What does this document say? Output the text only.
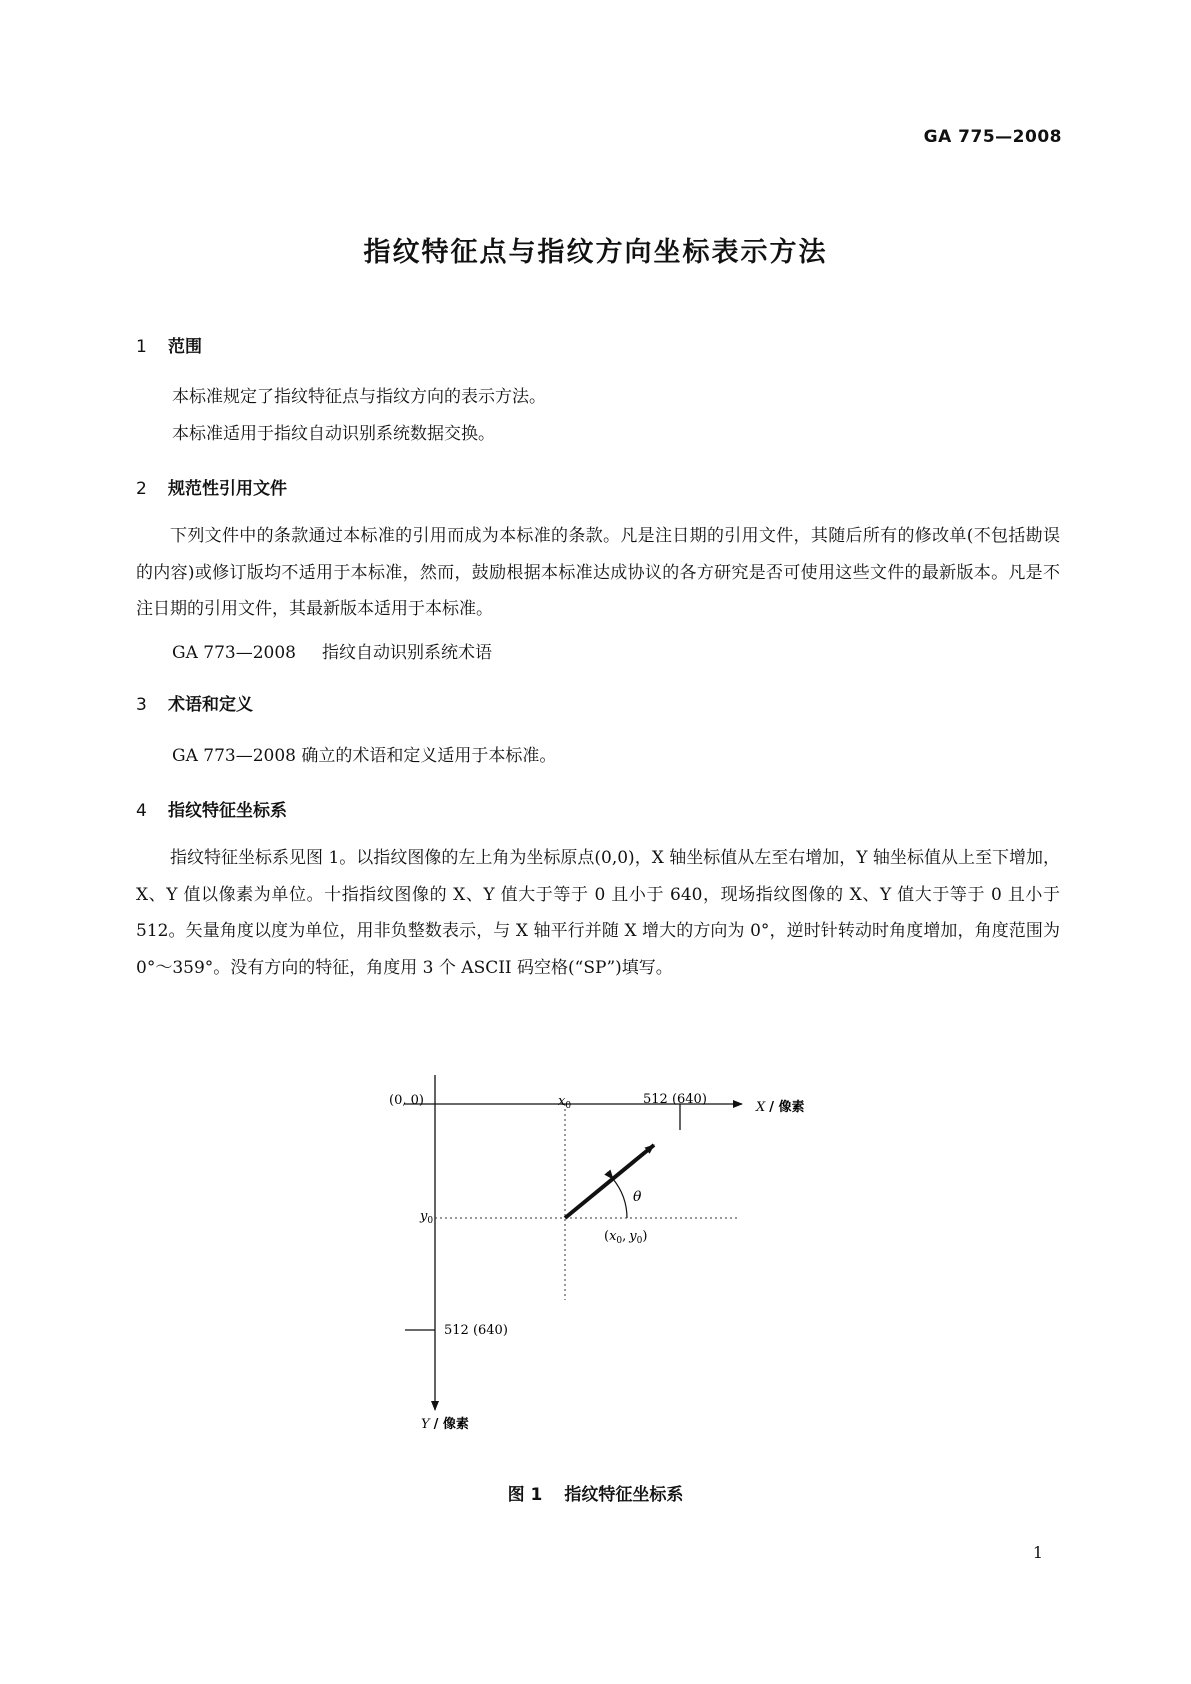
GA 775—2008
指纹特征点与指纹方向坐标表示方法
1 范围
本标准规定了指纹特征点与指纹方向的表示方法。
本标准适用于指纹自动识别系统数据交换。
2 规范性引用文件
下列文件中的条款通过本标准的引用而成为本标准的条款。凡是注日期的引用文件，其随后所有的修改单(不包括勘误的内容)或修订版均不适用于本标准，然而，鼓励根据本标准达成协议的各方研究是否可使用这些文件的最新版本。凡是不注日期的引用文件，其最新版本适用于本标准。
GA 773—2008 指纹自动识别系统术语
3 术语和定义
GA 773—2008 确立的术语和定义适用于本标准。
4 指纹特征坐标系
指纹特征坐标系见图 1。以指纹图像的左上角为坐标原点(0,0)，X 轴坐标值从左至右增加，Y 轴坐标值从上至下增加，X、Y 值以像素为单位。十指指纹图像的 X、Y 值大于等于 0 且小于 640，现场指纹图像的 X、Y 值大于等于 0 且小于 512。矢量角度以度为单位，用非负整数表示，与 X 轴平行并随 X 增大的方向为 0°，逆时针转动时角度增加，角度范围为 0°～359°。没有方向的特征，角度用 3 个 ASCII 码空格(“SP”)填写。
(0, 0)	$x_0$	512 (640)
X / 像素
$y_0$
θ
($x_0$, $y_0$)
512 (640)
Y / 像素
图 1 指纹特征坐标系
1
